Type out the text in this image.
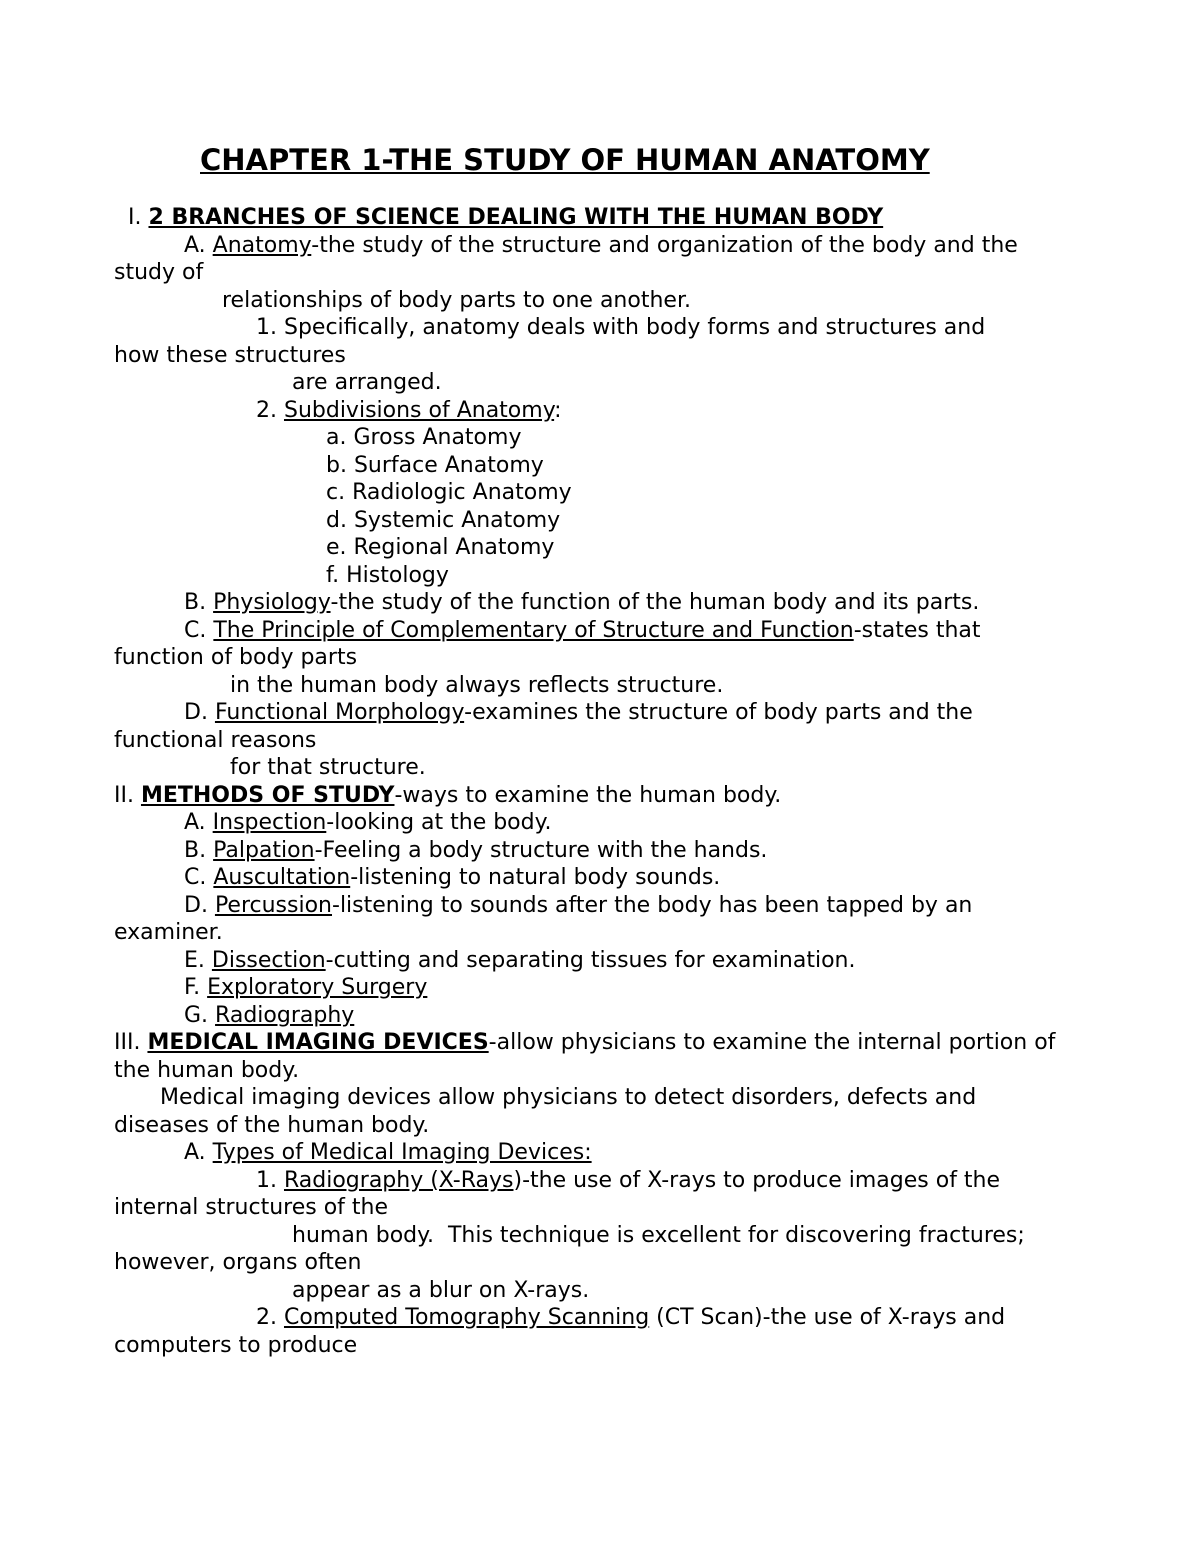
CHAPTER 1-THE STUDY OF HUMAN ANATOMY
I. 2 BRANCHES OF SCIENCE DEALING WITH THE HUMAN BODY
A. Anatomy-the study of the structure and organization of the body and the
study of
relationships of body parts to one another.
1. Specifically, anatomy deals with body forms and structures and
how these structures
are arranged.
2. Subdivisions of Anatomy:
a. Gross Anatomy
b. Surface Anatomy
c. Radiologic Anatomy
d. Systemic Anatomy
e. Regional Anatomy
f. Histology
B. Physiology-the study of the function of the human body and its parts.
C. The Principle of Complementary of Structure and Function-states that
function of body parts
in the human body always reflects structure.
D. Functional Morphology-examines the structure of body parts and the
functional reasons
for that structure.
II. METHODS OF STUDY-ways to examine the human body.
A. Inspection-looking at the body.
B. Palpation-Feeling a body structure with the hands.
C. Auscultation-listening to natural body sounds.
D. Percussion-listening to sounds after the body has been tapped by an
examiner.
E. Dissection-cutting and separating tissues for examination.
F. Exploratory Surgery
G. Radiography
III. MEDICAL IMAGING DEVICES-allow physicians to examine the internal portion of
the human body.
Medical imaging devices allow physicians to detect disorders, defects and
diseases of the human body.
A. Types of Medical Imaging Devices:
1. Radiography (X-Rays)-the use of X-rays to produce images of the
internal structures of the
human body.  This technique is excellent for discovering fractures;
however, organs often
appear as a blur on X-rays.
2. Computed Tomography Scanning (CT Scan)-the use of X-rays and
computers to produce
